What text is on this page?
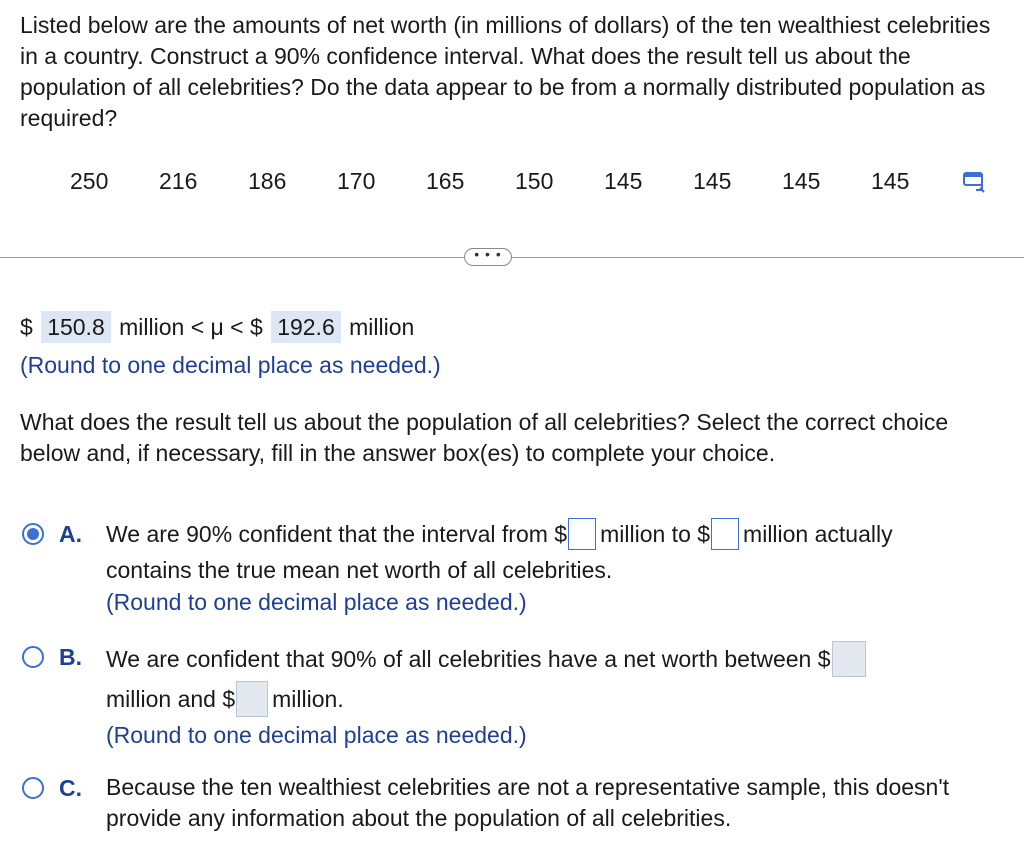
Listed below are the amounts of net worth (in millions of dollars) of the ten wealthiest celebrities in a country. Construct a 90% confidence interval. What does the result tell us about the population of all celebrities? Do the data appear to be from a normally distributed population as required?
250 216 186 170 165 150 145 145 145 145
• • •
$ 150.8 million < μ < $ 192.6 million
(Round to one decimal place as needed.)
What does the result tell us about the population of all celebrities? Select the correct choice below and, if necessary, fill in the answer box(es) to complete your choice.
A. We are 90% confident that the interval from $ million to $ million actually
contains the true mean net worth of all celebrities.
(Round to one decimal place as needed.)
B. We are confident that 90% of all celebrities have a net worth between $
million and $ million.
(Round to one decimal place as needed.)
C. Because the ten wealthiest celebrities are not a representative sample, this doesn't provide any information about the population of all celebrities.
